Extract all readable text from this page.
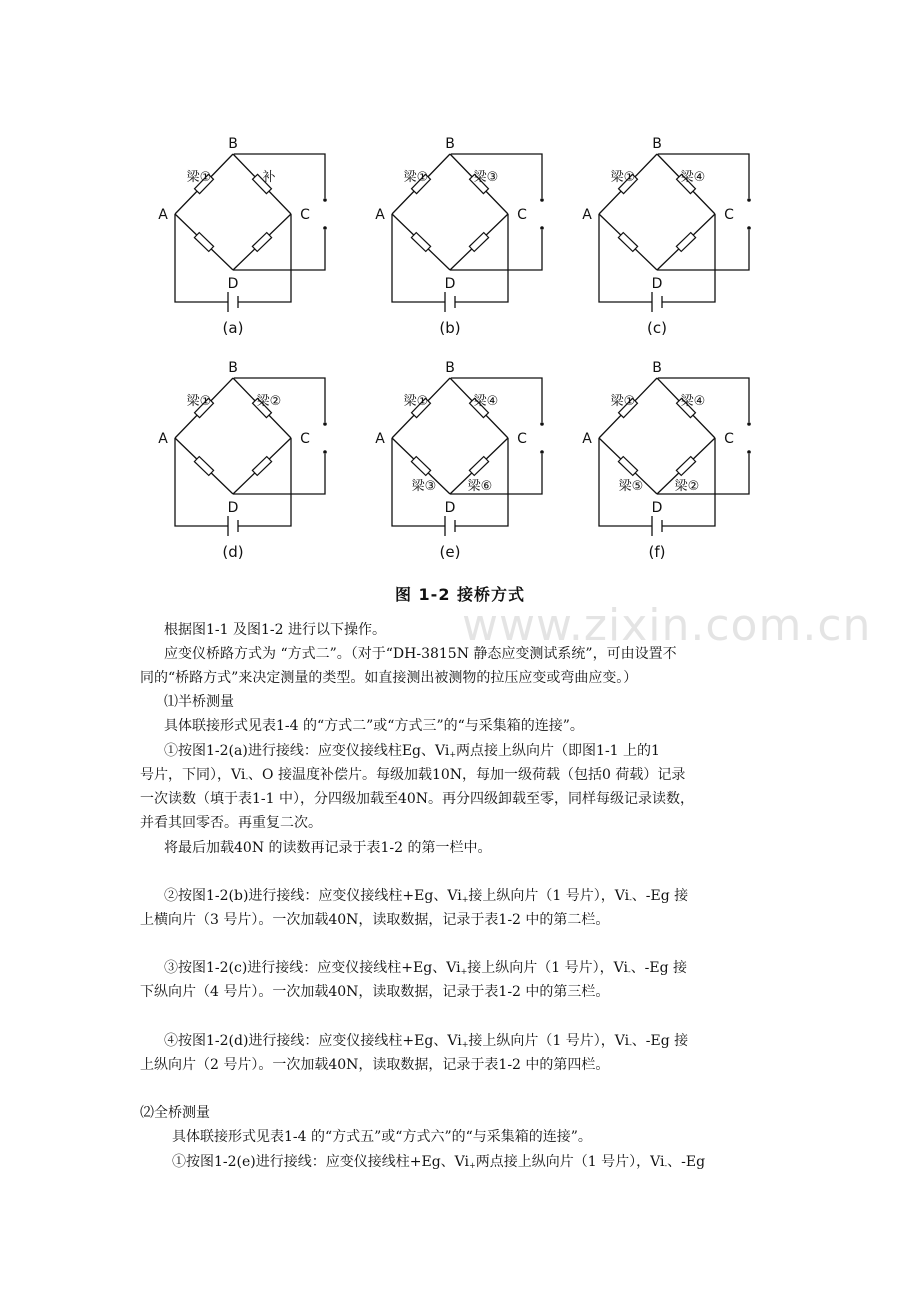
B
A	C
D
梁①	补
(a)
B
A	C
D
梁①	梁③
(b)
B
A	C
D
梁①	梁④
(c)
B
A	C
D
梁①	梁②
(d)
B
A	C
D
梁①	梁④
梁③ 梁⑥
(e)
B
A	C
D
梁①	梁④
梁⑤ 梁②
(f)
图 1-2 接桥方式
www.zixin.com.cn
根据图1-1 及图1-2 进行以下操作。
应变仪桥路方式为 “方式二”。（对于“DH-3815N 静态应变测试系统”，可由设置不
同的“桥路方式”来决定测量的类型。如直接测出被测物的拉压应变或弯曲应变。）
⑴半桥测量
具体联接形式见表1-4 的“方式二”或“方式三”的“与采集箱的连接”。
①按图1-2(a)进行接线：应变仪接线柱Eg、$Vi_+$两点接上纵向片（即图1-1 上的1
号片，下同），$Vi_-$、O 接温度补偿片。每级加载10N，每加一级荷载（包括0 荷载）记录
一次读数（填于表1-1 中），分四级加载至40N。再分四级卸载至零，同样每级记录读数，
并看其回零否。再重复二次。
将最后加载40N 的读数再记录于表1-2 的第一栏中。
②按图1-2(b)进行接线：应变仪接线柱+Eg、$Vi_+$接上纵向片（1 号片），$Vi_-$、-Eg 接
上横向片（3 号片）。一次加载40N，读取数据，记录于表1-2 中的第二栏。
③按图1-2(c)进行接线：应变仪接线柱+Eg、$Vi_+$接上纵向片（1 号片），$Vi_-$、-Eg 接
下纵向片（4 号片）。一次加载40N，读取数据，记录于表1-2 中的第三栏。
④按图1-2(d)进行接线：应变仪接线柱+Eg、$Vi_+$接上纵向片（1 号片），$Vi_-$、-Eg 接
上纵向片（2 号片）。一次加载40N，读取数据，记录于表1-2 中的第四栏。
⑵全桥测量
具体联接形式见表1-4 的“方式五”或“方式六”的“与采集箱的连接”。
①按图1-2(e)进行接线：应变仪接线柱+Eg、$Vi_+$两点接上纵向片（1 号片），$Vi_-$、-Eg
